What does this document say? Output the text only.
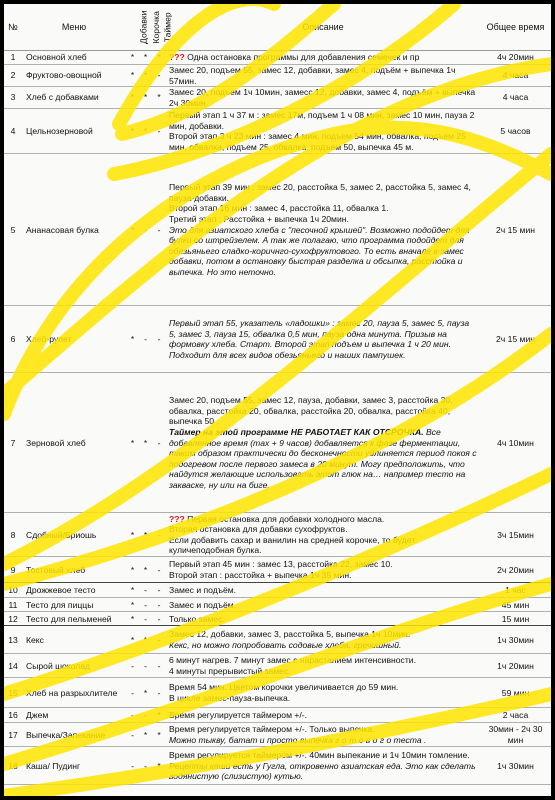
№	Меню	Добавки	Корочка	Таймер	Описание	Общее время
1	Основной хлеб	*	*	*	??? Одна остановка программы для добавления семечек и пр	4ч 20мин
2	Фруктово-овощной	*	*	-	Замес 20, подъем 55, замес 12, добавки, замес 4, подъём + выпечка 1ч 57мин.	4 часа
3	Хлеб с добавками	*	*	*	Замес 20, подъем 1ч 10мин, замесс 12, добавки, замес 4, подъём + выпечка 2ч 30мин.	4 часа
4	Цельнозерновой	*	*	-	Первый этап 1 ч 37 м : замес 17м, подъем 1 ч 08 мин, замес 10 мин, пауза 2 мин, добавки.
Второй этап 3 ч 23 мин : замес 4 мин, подъем 54 мин, обвалка, подъем 25 мин, обвалка, подъем 25, обвалка, подъем 50, выпечка 45 м.	5 часов
5	Ананасовая булка	*	-	-	Первый этап 39 мин : замес 20, расстойка 5, замес 2, расстойка 5, замес 4, пауза-добавки.
Второй этап 16 мин : замес 4, расстойка 11, обвалка 1.
Третий этап : Расстойка + выпечка 1ч 20мин.
Это для азиатского хлеба с "песочной крышей". Возможно подойдет для булки со штрейзелем. А так же полагаю, что программа подойдет для обезьяньего сладко-коричнго-сухофруктового. То есть вначале в замес добавки, потом в остановку быстрая разделка и обсыпка, расстойка и выпечка. Но это неточно.	2ч 15 мин
6	Хлеб-рулет	*	-	-	Первый этап 55, указатель «ладошки» : замес 20, пауза 5, замес 5, пауза 5, замес 3, пауза 15, обвалка 0,5 мин, пауза одна минута. Призыв на формовку хлеба. Старт. Второй этап подъем и выпечка 1 ч 20 мин.
Подходит для всех видов обезьяньего и наших пампушек.	2ч 15 мин
7	Зерновой хлеб	*	*	-	Замес 20, подъем 55, замес 12, пауза, добавки, замес 3, расстойка 30, обвалка, расстойка 20, обвалка, расстойка 20, обвалка, расстойка 40, выпечка 50 .
Таймер на этой программе НЕ РАБОТАЕТ КАК ОТСРОЧКА. Все добавленное время (max + 9 часов) добавляется к фазе ферментации, таким образом практически до бесконечности удлиняется период покоя с подогревом после первого замеса в 20 минут. Могу предположить, что найдутся желающие использовать этот глюк на… например тесто на закваске, ну или на биге.	4ч 10мин
8	Сдобный/Бриошь	*	*	-	??? Первая остановка для добавки холодного масла.
Вторая остановка для добавки сухофруктов.
Если добавить сахар и ванилин на средней корочке, то будет куличеподобная булка.	3ч 15мин
9	Тостовый хлеб	*	*	-	Первый этап 45 мин : замес 13, расстойка 22, замес 10.
Второй этап : расстойка + выпечка 1ч 35 мин.	2ч 20мин
10	Дрожжевое тесто	*	-	-	Замес и подъём.	1 час
11	Тесто для пиццы	*	-	-	Замес и подъём.	45 мин
12	Тесто для пельменей	*	-	-	Только замес.	15 мин
13	Кекс	*	*	-	Замес 12, добавки, замес 3, расстойка 5, выпечка 1ч 10мин.
Кекс, но можно попробовать содовые хлеба, гречишный.	1ч 30мин
14	Сырой шоколад	-	-	-	6 минут нагрев. 7 минут замес с нарастанием интенсивности.
4 минуты прерывистый замес.	1ч 20мин
15	Хлеб на разрыхлителе	-	*	-	Время 54 мин. Цветом корочки увеличивается до 59 мин.
В цикле замес-пауза-выпечка.	59 мин
16	Джем	-	-	*	Время регулируется таймером +/-.	2 часа
17	Выпечка/Запекание	-	*	*	Время регулируется таймером +/-. Только выпечка.
Можно тыкву, батат и просто выпечка г о т о в о г о теста .	30мин - 2ч 30 мин
18	Каша/ Пудинг	-	-	*	Время регулируется таймером +/-. 40мин выпекание и 1ч 10мин томление.
Рецепты каши есть у Гугла, откровенно азиатская еда. Это как сделать водянистую (слизистую) кутью.	1ч 30мин
